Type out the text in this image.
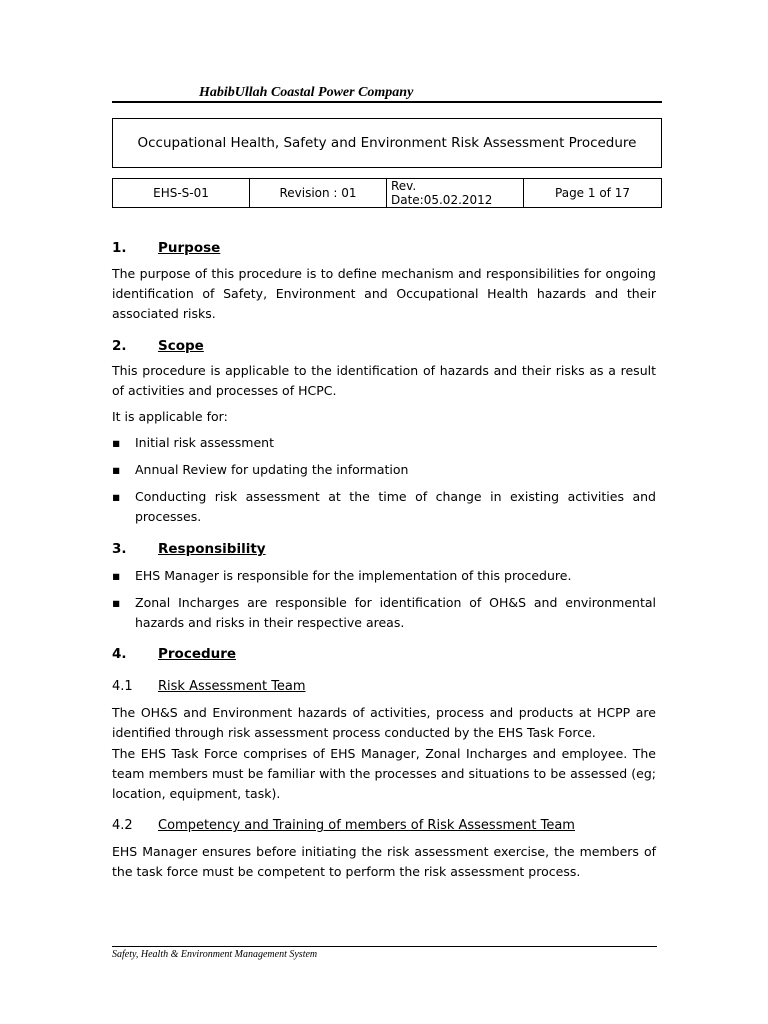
HabibUllah Coastal Power Company
Occupational Health, Safety and Environment Risk Assessment Procedure
EHS-S-01	Revision : 01	Rev. Date:05.02.2012	Page 1 of 17
1. Purpose
The purpose of this procedure is to define mechanism and responsibilities for ongoing identification of Safety, Environment and Occupational Health hazards and their associated risks.
2. Scope
This procedure is applicable to the identification of hazards and their risks as a result of activities and processes of HCPC.
It is applicable for:
▪	Initial risk assessment
▪	Annual Review for updating the information
▪	Conducting risk assessment at the time of change in existing activities and processes.
3. Responsibility
▪	EHS Manager is responsible for the implementation of this procedure.
▪	Zonal Incharges are responsible for identification of OH&S and environmental hazards and risks in their respective areas.
4. Procedure
4.1 Risk Assessment Team
The OH&S and Environment hazards of activities, process and products at HCPP are identified through risk assessment process conducted by the EHS Task Force.
The EHS Task Force comprises of EHS Manager, Zonal Incharges and employee. The team members must be familiar with the processes and situations to be assessed (eg; location, equipment, task).
4.2 Competency and Training of members of Risk Assessment Team
EHS Manager ensures before initiating the risk assessment exercise, the members of the task force must be competent to perform the risk assessment process.
Safety, Health & Environment Management System
